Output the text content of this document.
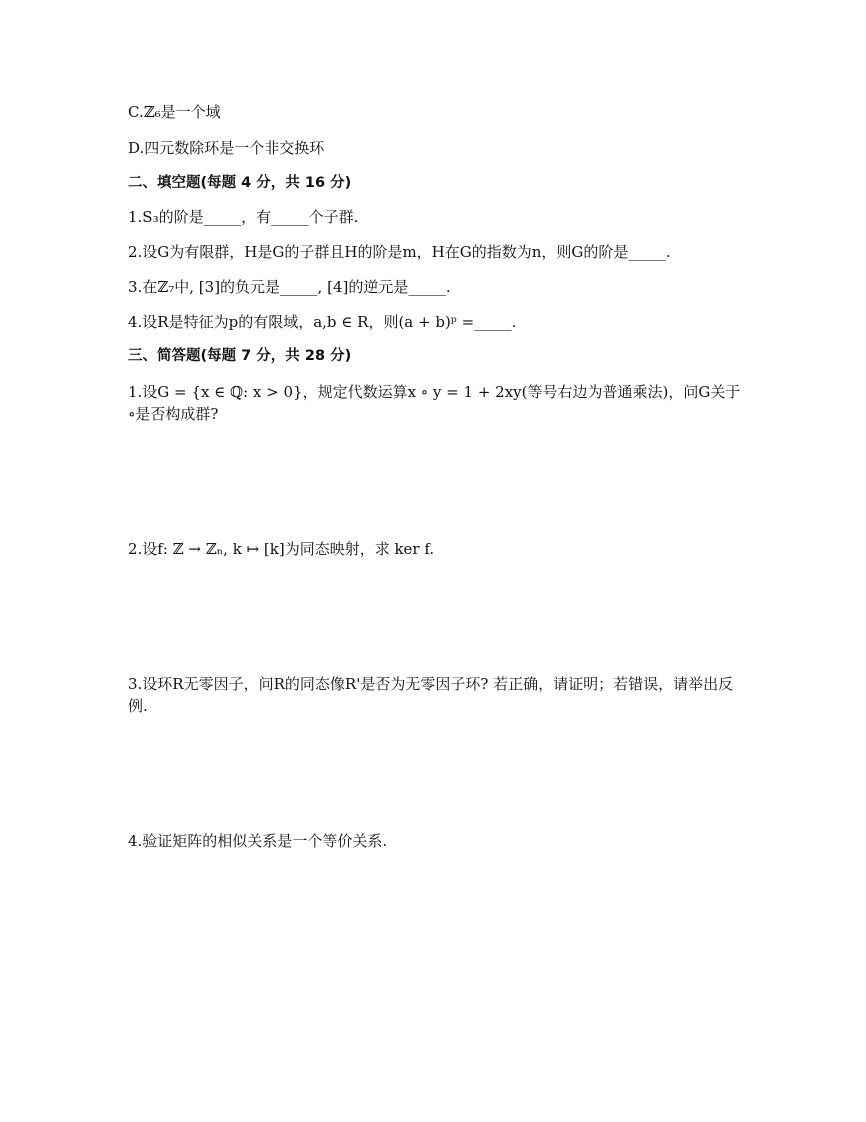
C.ℤ₆是一个域
D.四元数除环是一个非交换环
二、填空题(每题 4 分，共 16 分)
1.S₃的阶是_____，有_____个子群.
2.设G为有限群，H是G的子群且H的阶是m，H在G的指数为n，则G的阶是_____.
3.在ℤ₇中, [3]的负元是_____, [4]的逆元是_____.
4.设R是特征为p的有限域，a,b ∈ R，则(a + b)ᵖ =_____.
三、简答题(每题 7 分，共 28 分)
1.设G = {x ∈ ℚ: x > 0}，规定代数运算x ∘ y = 1 + 2xy(等号右边为普通乘法)，问G关于∘是否构成群?
2.设f: ℤ → ℤₙ, k ↦ [k]为同态映射，求 ker f.
3.设环R无零因子，问R的同态像R'是否为无零因子环? 若正确，请证明；若错误，请举出反例.
4.验证矩阵的相似关系是一个等价关系.
